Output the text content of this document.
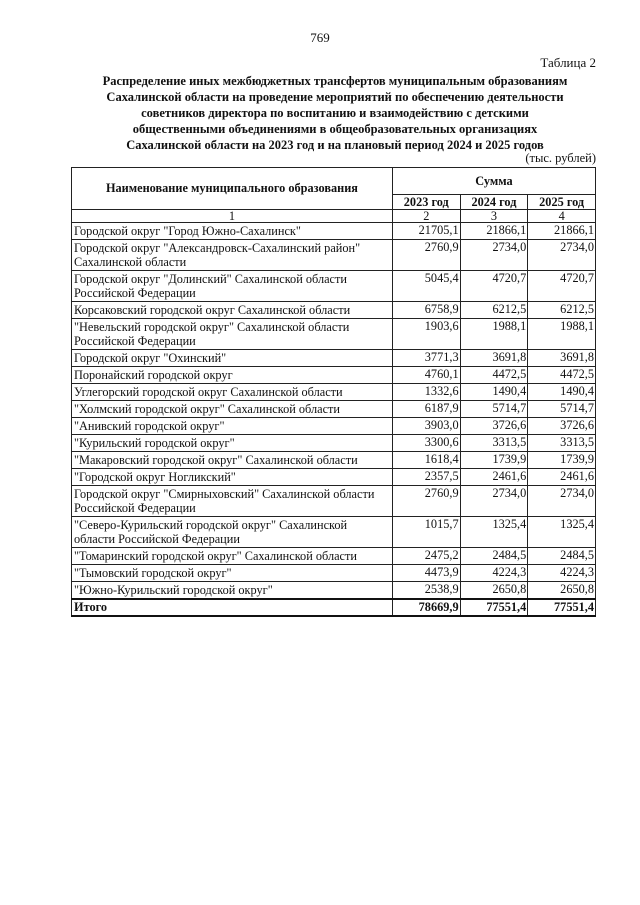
769
Таблица 2
Распределение иных межбюджетных трансфертов муниципальным образованиям
Сахалинской области на проведение мероприятий по обеспечению деятельности
советников директора по воспитанию и взаимодействию с детскими
общественными объединениями в общеобразовательных организациях
Сахалинской области на 2023 год и на плановый период 2024 и 2025 годов
(тыс. рублей)
Наименование муниципального образования	Сумма		
	2023 год	2024 год	2025 год
1	2	3	4
Городской округ "Город Южно-Сахалинск"	21705,1	21866,1	21866,1
Городской округ "Александровск-Сахалинский район" Сахалинской области	2760,9	2734,0	2734,0
Городской округ "Долинский" Сахалинской области Российской Федерации	5045,4	4720,7	4720,7
Корсаковский городской округ Сахалинской области	6758,9	6212,5	6212,5
"Невельский городской округ" Сахалинской области Российской Федерации	1903,6	1988,1	1988,1
Городской округ "Охинский"	3771,3	3691,8	3691,8
Поронайский городской округ	4760,1	4472,5	4472,5
Углегорский городской округ Сахалинской области	1332,6	1490,4	1490,4
"Холмский городской округ" Сахалинской области	6187,9	5714,7	5714,7
"Анивский городской округ"	3903,0	3726,6	3726,6
"Курильский городской округ"	3300,6	3313,5	3313,5
"Макаровский городской округ" Сахалинской области	1618,4	1739,9	1739,9
"Городской округ Ногликский"	2357,5	2461,6	2461,6
Городской округ "Смирныховский" Сахалинской области Российской Федерации	2760,9	2734,0	2734,0
"Северо-Курильский городской округ" Сахалинской области Российской Федерации	1015,7	1325,4	1325,4
"Томаринский городской округ" Сахалинской области	2475,2	2484,5	2484,5
"Тымовский городской округ"	4473,9	4224,3	4224,3
"Южно-Курильский городской округ"	2538,9	2650,8	2650,8
Итого	78669,9	77551,4	77551,4
